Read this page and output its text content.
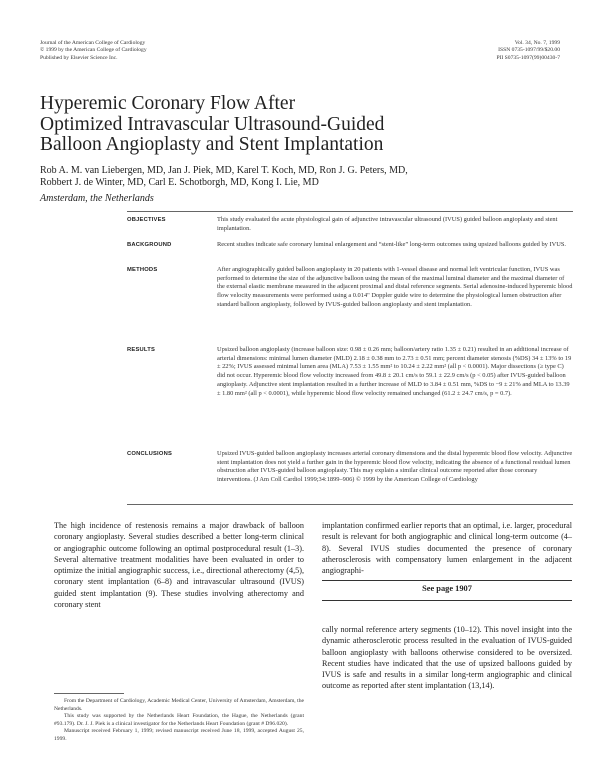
Journal of the American College of Cardiology
© 1999 by the American College of Cardiology
Published by Elsevier Science Inc.
Vol. 34, No. 7, 1999
ISSN 0735-1097/99/$20.00
PII S0735-1097(99)00430-7
Hyperemic Coronary Flow After
Optimized Intravascular Ultrasound-Guided
Balloon Angioplasty and Stent Implantation
Rob A. M. van Liebergen, MD, Jan J. Piek, MD, Karel T. Koch, MD, Ron J. G. Peters, MD,
Robbert J. de Winter, MD, Carl E. Schotborgh, MD, Kong I. Lie, MD
Amsterdam, the Netherlands
OBJECTIVES	This study evaluated the acute physiological gain of adjunctive intravascular ultrasound (IVUS) guided balloon angioplasty and stent implantation.
BACKGROUND	Recent studies indicate safe coronary luminal enlargement and “stent-like” long-term outcomes using upsized balloons guided by IVUS.
METHODS	After angiographically guided balloon angioplasty in 20 patients with 1-vessel disease and normal left ventricular function, IVUS was performed to determine the size of the adjunctive balloon using the mean of the maximal luminal diameter and the maximal diameter of the external elastic membrane measured in the adjacent proximal and distal reference segments. Serial adenosine-induced hyperemic blood flow velocity measurements were performed using a 0.014" Doppler guide wire to determine the physiological lumen obstruction after standard balloon angioplasty, followed by IVUS-guided balloon angioplasty and stent implantation.
RESULTS	Upsized balloon angioplasty (increase balloon size: 0.98 ± 0.26 mm; balloon/artery ratio 1.35 ± 0.21) resulted in an additional increase of arterial dimensions: minimal lumen diameter (MLD) 2.18 ± 0.38 mm to 2.73 ± 0.51 mm; percent diameter stenosis (%DS) 34 ± 13% to 19 ± 22%; IVUS assessed minimal lumen area (MLA) 7.53 ± 1.55 mm² to 10.24 ± 2.22 mm² (all p < 0.0001). Major dissections (≥ type C) did not occur. Hyperemic blood flow velocity increased from 49.8 ± 20.1 cm/s to 59.1 ± 22.9 cm/s (p < 0.05) after IVUS-guided balloon angioplasty. Adjunctive stent implantation resulted in a further increase of MLD to 3.84 ± 0.51 mm, %DS to −9 ± 21% and MLA to 13.39 ± 1.80 mm² (all p < 0.0001), while hyperemic blood flow velocity remained unchanged (61.2 ± 24.7 cm/s, p = 0.7).
CONCLUSIONS	Upsized IVUS-guided balloon angioplasty increases arterial coronary dimensions and the distal hyperemic blood flow velocity. Adjunctive stent implantation does not yield a further gain in the hyperemic blood flow velocity, indicating the absence of a functional residual lumen obstruction after IVUS-guided balloon angioplasty. This may explain a similar clinical outcome reported after those coronary interventions. (J Am Coll Cardiol 1999;34:1899–906) © 1999 by the American College of Cardiology
The high incidence of restenosis remains a major drawback of balloon coronary angioplasty. Several studies described a better long-term clinical or angiographic outcome following an optimal postprocedural result (1–3). Several alternative treatment modalities have been evaluated in order to optimize the initial angiographic success, i.e., directional atherectomy (4,5), coronary stent implantation (6–8) and intravascular ultrasound (IVUS) guided stent implantation (9). These studies involving atherectomy and coronary stent
implantation confirmed earlier reports that an optimal, i.e. larger, procedural result is relevant for both angiographic and clinical long-term outcome (4–8). Several IVUS studies documented the presence of coronary atherosclerosis with compensatory lumen enlargement in the adjacent angiographi-
See page 1907
cally normal reference artery segments (10–12). This novel insight into the dynamic atherosclerotic process resulted in the evaluation of IVUS-guided balloon angioplasty with balloons otherwise considered to be oversized. Recent studies have indicated that the use of upsized balloons guided by IVUS is safe and results in a similar long-term angiographic and clinical outcome as reported after stent implantation (13,14).

From the Department of Cardiology, Academic Medical Center, University of Amsterdam, Amsterdam, the Netherlands.

This study was supported by the Netherlands Heart Foundation, the Hague, the Netherlands (grant #93.179). Dr. J. J. Piek is a clinical investigator for the Netherlands Heart Foundation (grant # D96.020).

Manuscript received February 1, 1999; revised manuscript received June 18, 1999, accepted August 25, 1999.
